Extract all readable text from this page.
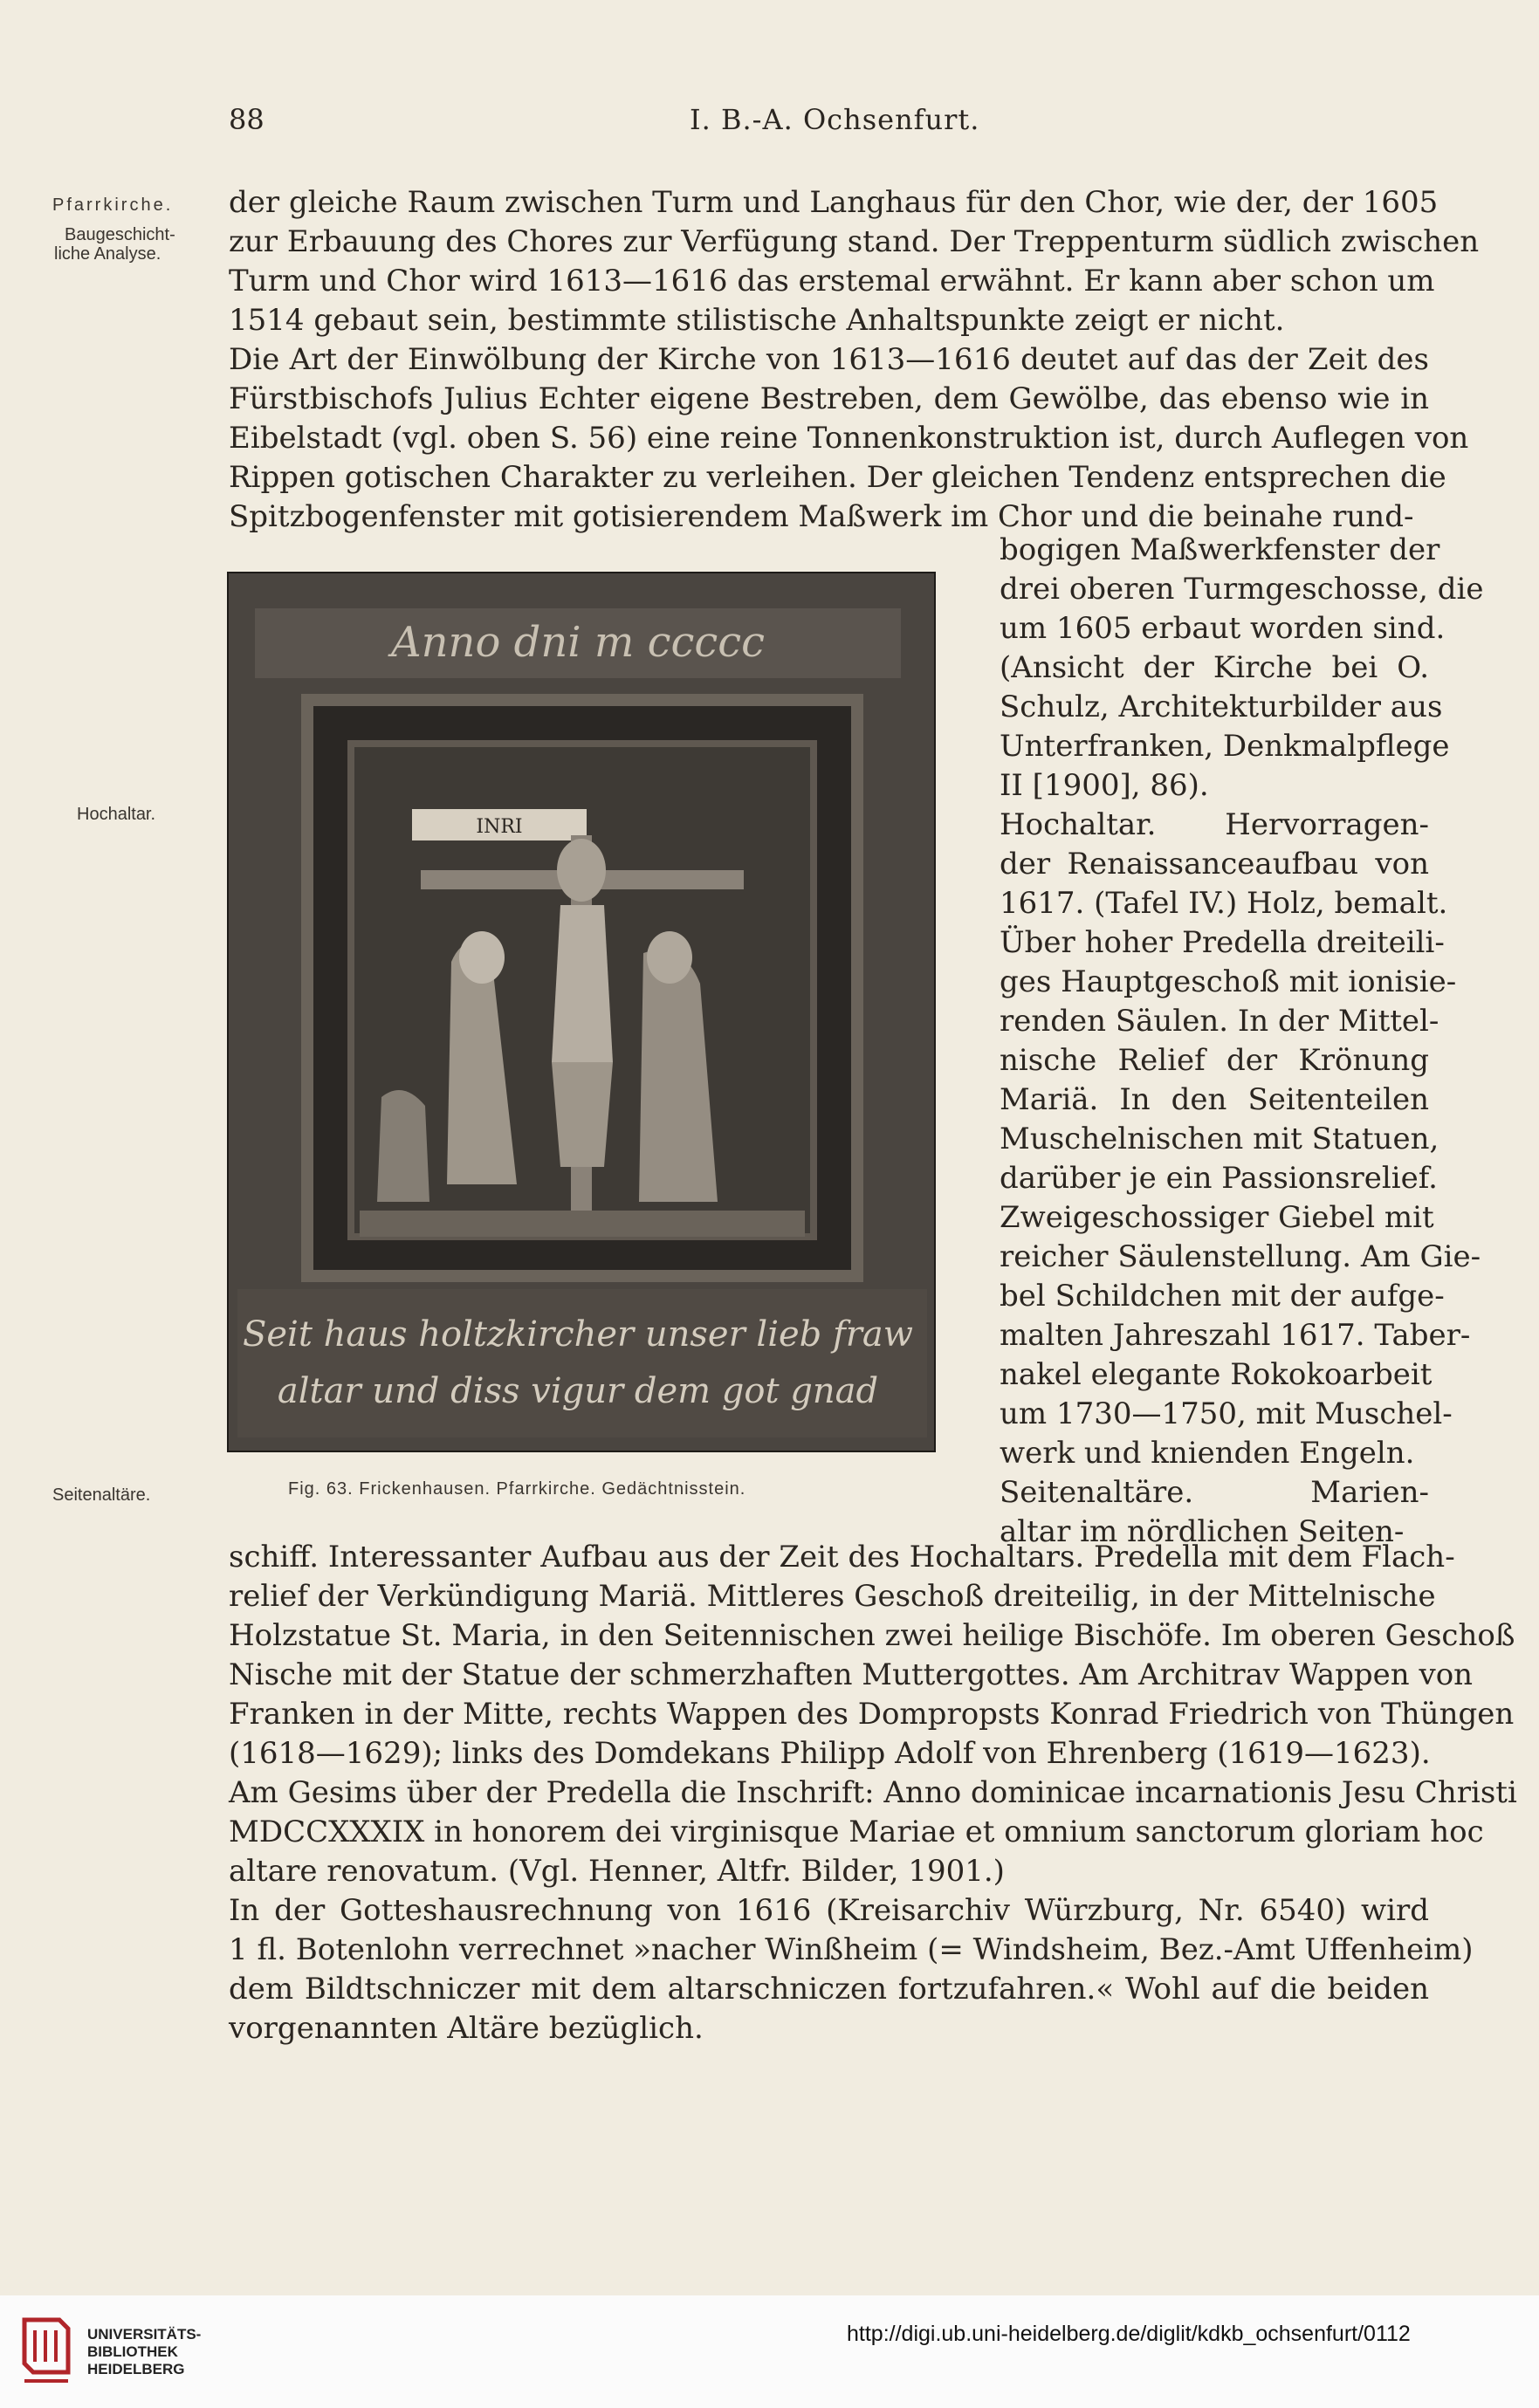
88	I. B.-A. Ochsenfurt.
Pfarrkirche.
Baugeschicht-
liche Analyse.
Hochaltar.
Seitenaltäre.
der gleiche Raum zwischen Turm und Langhaus für den Chor, wie der, der 1605
zur Erbauung des Chores zur Verfügung stand. Der Treppenturm südlich zwischen
Turm und Chor wird 1613—1616 das erstemal erwähnt. Er kann aber schon um
1514 gebaut sein, bestimmte stilistische Anhaltspunkte zeigt er nicht.
Die Art der Einwölbung der Kirche von 1613—1616 deutet auf das der Zeit des
Fürstbischofs Julius Echter eigene Bestreben, dem Gewölbe, das ebenso wie in
Eibelstadt (vgl. oben S. 56) eine reine Tonnenkonstruktion ist, durch Auflegen von
Rippen gotischen Charakter zu verleihen. Der gleichen Tendenz entsprechen die
Spitzbogenfenster mit gotisierendem Maßwerk im Chor und die beinahe rund-
bogigen Maßwerkfenster der
drei oberen Turmgeschosse, die
um 1605 erbaut worden sind.
(Ansicht der Kirche bei O.
Schulz, Architekturbilder aus
Unterfranken, Denkmalpflege
II [1900], 86).
Hochaltar. Hervorragen-
der Renaissanceaufbau von
1617. (Tafel IV.) Holz, bemalt.
Über hoher Predella dreiteili-
ges Hauptgeschoß mit ionisie-
renden Säulen. In der Mittel-
nische Relief der Krönung
Mariä. In den Seitenteilen
Muschelnischen mit Statuen,
darüber je ein Passionsrelief.
Zweigeschossiger Giebel mit
reicher Säulenstellung. Am Gie-
bel Schildchen mit der aufge-
malten Jahreszahl 1617. Taber-
nakel elegante Rokokoarbeit
um 1730—1750, mit Muschel-
werk und knienden Engeln.
Seitenaltäre. Marien-
altar im nördlichen Seiten-
schiff. Interessanter Aufbau aus der Zeit des Hochaltars. Predella mit dem Flach-
relief der Verkündigung Mariä. Mittleres Geschoß dreiteilig, in der Mittelnische
Holzstatue St. Maria, in den Seitennischen zwei heilige Bischöfe. Im oberen Geschoß
Nische mit der Statue der schmerzhaften Muttergottes. Am Architrav Wappen von
Franken in der Mitte, rechts Wappen des Dompropsts Konrad Friedrich von Thüngen
(1618—1629); links des Domdekans Philipp Adolf von Ehrenberg (1619—1623).
Am Gesims über der Predella die Inschrift: Anno dominicae incarnationis Jesu Christi
MDCCXXXIX in honorem dei virginisque Mariae et omnium sanctorum gloriam hoc
altare renovatum. (Vgl. Henner, Altfr. Bilder, 1901.)
In der Gotteshausrechnung von 1616 (Kreisarchiv Würzburg, Nr. 6540) wird
1 fl. Botenlohn verrechnet »nacher Winßheim (= Windsheim, Bez.-Amt Uffenheim)
dem Bildtschniczer mit dem altarschniczen fortzufahren.« Wohl auf die beiden
vorgenannten Altäre bezüglich.
Anno dni m ccccc
INRI
Seit haus holtzkircher unser lieb fraw
altar und diss vigur dem got gnad
Fig. 63. Frickenhausen. Pfarrkirche. Gedächtnisstein.
UNIVERSITÄTS-
BIBLIOTHEK
HEIDELBERG
http://digi.ub.uni-heidelberg.de/diglit/kdkb_ochsenfurt/0112
